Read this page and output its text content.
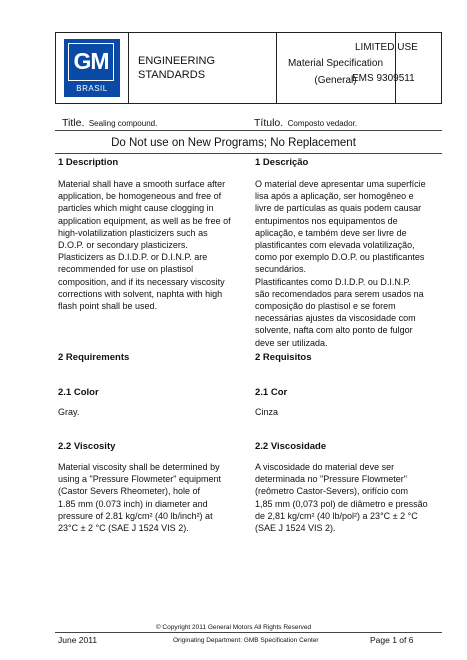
GM
BRASIL
ENGINEERING
STANDARDS
Material Specification
(General)
LIMITED USE
EMS 9309511
Title. Sealing compound.	Título. Composto vedador.
Do Not use on New Programs; No Replacement
1 Description
Material shall have a smooth surface after
application, be homogeneous and free of
particles which might cause clogging in
application equipment, as well as be free of
high-volatilization plasticizers such as
D.O.P. or secondary plasticizers.
Plasticizers as D.I.D.P. or D.I.N.P. are
recommended for use on plastisol
composition, and if its necessary viscosity
corrections with solvent, naphta with high
flash point shall be used.
2 Requirements
2.1 Color
Gray.
2.2 Viscosity
Material viscosity shall be determined by
using a "Pressure Flowmeter" equipment
(Castor Severs Rheometer), hole of
1.85 mm (0.073 inch) in diameter and
pressure of 2.81 kg/cm² (40 lb/inch²) at
23°C ± 2 °C (SAE J 1524 VIS 2).
1 Descrição
O material deve apresentar uma superfície
lisa após a aplicação, ser homogêneo e
livre de partículas as quais podem causar
entupimentos nos equipamentos de
aplicação, e também deve ser livre de
plastificantes com elevada volatilização,
como por exemplo D.O.P. ou plastificantes
secundários.
Plastificantes como D.I.D.P. ou D.I.N.P.
são recomendados para serem usados na
composição do plastisol e se forem
necessárias ajustes da viscosidade com
solvente, nafta com alto ponto de fulgor
deve ser utilizada.
2 Requisitos
2.1 Cor
Cinza
2.2 Viscosidade
A viscosidade do material deve ser
determinada no "Pressure Flowmeter"
(reômetro Castor-Severs), orifício com
1,85 mm (0,073 pol) de diâmetro e pressão
de 2,81 kg/cm² (40 lb/pol²) a 23°C ± 2 °C
(SAE J 1524 VIS 2).
© Copyright 2011 General Motors All Rights Reserved
June 2011	Originating Department: GMB Specification Center	Page 1 of 6
